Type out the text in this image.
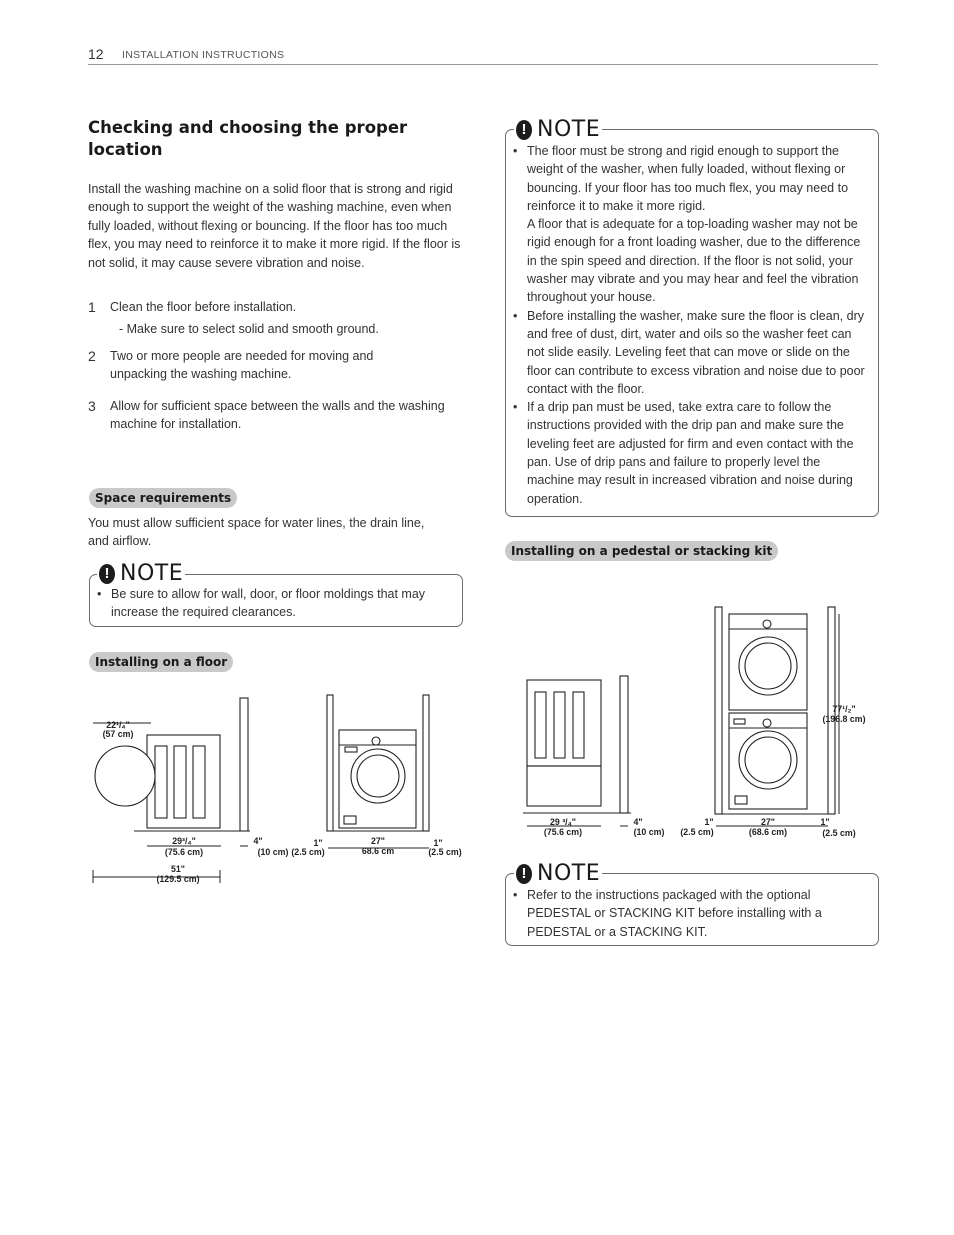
12 INSTALLATION INSTRUCTIONS
Checking and choosing the proper location
Install the washing machine on a solid floor that is strong and rigid enough to support the weight of the washing machine, even when fully loaded, without flexing or bouncing. If the floor has too much flex, you may need to reinforce it to make it more rigid. If the floor is not solid, it may cause severe vibration and noise.
1 Clean the floor before installation.
- Make sure to select solid and smooth ground.
2 Two or more people are needed for moving and unpacking the washing machine.
3 Allow for sufficient space between the walls and the washing machine for installation.
Space requirements
You must allow sufficient space for water lines, the drain line, and airflow.
! NOTE
• Be sure to allow for wall, door, or floor moldings that may increase the required clearances.
Installing on a floor
22¹/₄"
(57 cm)
29³/₄"
(75.6 cm)
4"
(10 cm)
1"
(2.5 cm)
27"
68.6 cm
1"
(2.5 cm)
51"
(129.5 cm)
! NOTE
• The floor must be strong and rigid enough to support the weight of the washer, when fully loaded, without flexing or bouncing. If your floor has too much flex, you may need to reinforce it to make it more rigid.

A floor that is adequate for a top-loading washer may not be rigid enough for a front loading washer, due to the difference in the spin speed and direction. If the floor is not solid, your washer may vibrate and you may hear and feel the vibration throughout your house.

• Before installing the washer, make sure the floor is clean, dry and free of dust, dirt, water and oils so the washer feet can not slide easily. Leveling feet that can move or slide on the floor can contribute to excess vibration and noise due to poor contact with the floor.

• If a drip pan must be used, take extra care to follow the instructions provided with the drip pan and make sure the leveling feet are adjusted for firm and even contact with the pan. Use of drip pans and failure to properly level the machine may result in increased vibration and noise during operation.

Installing on a pedestal or stacking kit
29 ³/₄"
(75.6 cm)
4"
(10 cm)
1"
(2.5 cm)
27"
(68.6 cm)
1"
(2.5 cm)
77¹/₂"
(196.8 cm)
! NOTE
• Refer to the instructions packaged with the optional PEDESTAL or STACKING KIT before installing with a PEDESTAL or a STACKING KIT.
